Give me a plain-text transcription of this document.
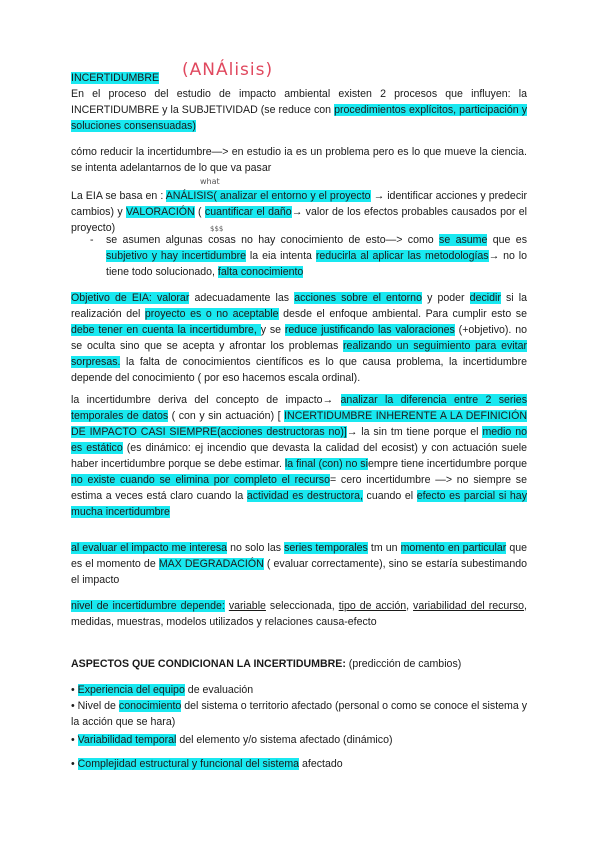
INCERTIDUMBRE	(ANÁlisis)

En el proceso del estudio de impacto ambiental existen 2 procesos que influyen: la INCERTIDUMBRE y la SUBJETIVIDAD (se reduce con procedimientos explícitos, participación y soluciones consensuadas)

cómo reducir la incertidumbre—> en estudio ia es un problema pero es lo que mueve la ciencia. se intenta adelantarnos de lo que va pasar

what
$$$

La EIA se basa en : ANÁLISIS( analizar el entorno y el proyecto → identificar acciones y predecir cambios) y VALORACIÓN ( cuantificar el daño→ valor de los efectos probables causados por el proyecto)

- se asumen algunas cosas no hay conocimiento de esto—> como se asume que es subjetivo y hay incertidumbre la eia intenta reducirla al aplicar las metodologías→ no lo tiene todo solucionado, falta conocimiento

Objetivo de EIA: valorar adecuadamente las acciones sobre el entorno y poder decidir si la realización del proyecto es o no aceptable desde el enfoque ambiental. Para cumplir esto se debe tener en cuenta la incertidumbre, y se reduce justificando las valoraciones (+objetivo). no se oculta sino que se acepta y afrontar los problemas realizando un seguimiento para evitar sorpresas. la falta de conocimientos científicos es lo que causa problema, la incertidumbre depende del conocimiento ( por eso hacemos escala ordinal).

la incertidumbre deriva del concepto de impacto→ analizar la diferencia entre 2 series temporales de datos ( con y sin actuación) [ INCERTIDUMBRE INHERENTE A LA DEFINICIÓN DE IMPACTO CASI SIEMPRE(acciones destructoras no)]→ la sin tm tiene porque el medio no es estático (es dinámico: ej incendio que devasta la calidad del ecosist) y con actuación suele haber incertidumbre porque se debe estimar. la final (con) no siempre tiene incertidumbre porque no existe cuando se elimina por completo el recurso= cero incertidumbre —> no siempre se estima a veces está claro cuando la actividad es destructora, cuando el efecto es parcial si hay mucha incertidumbre

al evaluar el impacto me interesa no solo las series temporales tm un momento en particular que es el momento de MAX DEGRADACIÓN ( evaluar correctamente), sino se estaría subestimando el impacto

nivel de incertidumbre depende: variable seleccionada, tipo de acción, variabilidad del recurso, medidas, muestras, modelos utilizados y relaciones causa-efecto

ASPECTOS QUE CONDICIONAN LA INCERTIDUMBRE: (predicción de cambios)

• Experiencia del equipo de evaluación

• Nivel de conocimiento del sistema o territorio afectado (personal o como se conoce el sistema y la acción que se hara)

• Variabilidad temporal del elemento y/o sistema afectado (dinámico)

• Complejidad estructural y funcional del sistema afectado
